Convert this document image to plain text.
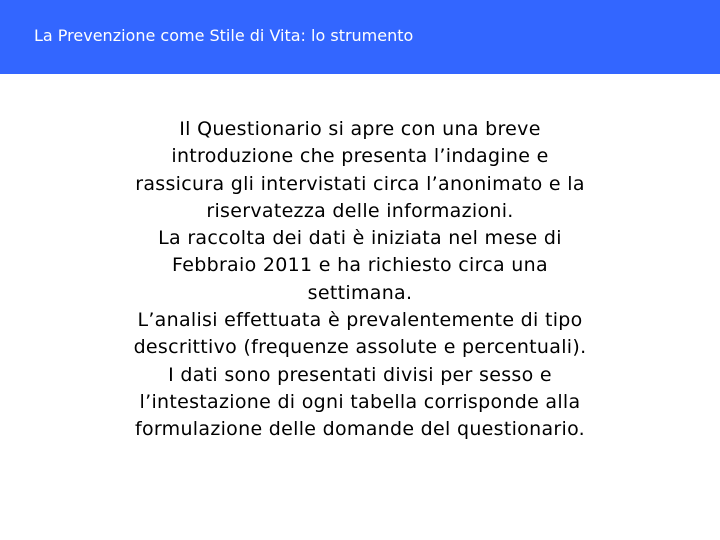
La Prevenzione come Stile di Vita: lo strumento
Il Questionario si apre con una breve
introduzione che presenta l’indagine e
rassicura gli intervistati circa l’anonimato e la
riservatezza delle informazioni.
La raccolta dei dati è iniziata nel mese di
Febbraio 2011 e ha richiesto circa una
settimana.
L’analisi effettuata è prevalentemente di tipo
descrittivo (frequenze assolute e percentuali).
I dati sono presentati divisi per sesso e
l’intestazione di ogni tabella corrisponde alla
formulazione delle domande del questionario.
